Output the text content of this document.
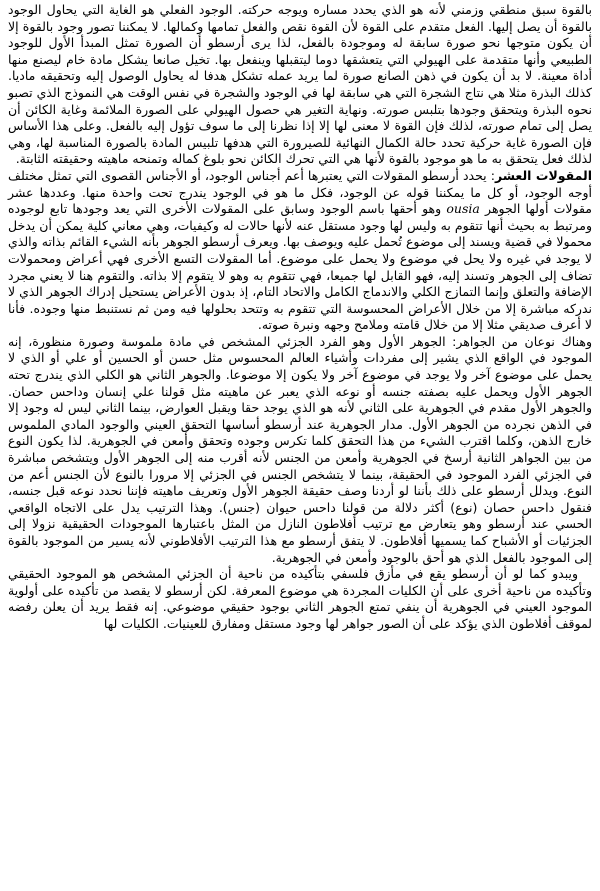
بالقوة سبق منطقي وزمني لأنه هو الذي يحدد مساره ويوجه حركته. الوجود الفعلي هو الغاية التي يحاول الوجود بالقوة أن يصل إليها. الفعل متقدم على القوة لأن القوة نقص والفعل تمامها وكمالها. لا يمكننا تصور وجود بالقوة إلا أن يكون متوجها نحو صورة سابقة له وموجودة بالفعل، لذا يرى أرسطو أن الصورة تمثل المبدأ الأول للوجود الطبيعي وأنها متقدمة على الهيولي التي يتعشقها دوما ليتقبلها وينفعل بها. تخيل صانعا يشكل مادة خام ليصنع منها أداة معينة. لا بد أن يكون في ذهن الصانع صورة لما يريد عمله تشكل هدفا له يحاول الوصول إليه وتحقيقه ماديا. كذلك البذرة مثلا هي نتاج الشجرة التي هي سابقة لها في الوجود والشجرة في نفس الوقت هي النموذج الذي تصبو نحوه البذرة ويتحقق وجودها بتلبس صورته. ونهاية التغير هي حصول الهيولي على الصورة الملائمة وغاية الكائن أن يصل إلى تمام صورته، لذلك فإن القوة لا معنى لها إلا إذا نظرنا إلى ما سوف تؤول إليه بالفعل. وعلى هذا الأساس فإن الصورة غاية حركية تحدد حالة الكمال النهائية للصيرورة التي هدفها تلبيس المادة بالصورة المناسبة لها، وهي لذلك فعل يتحقق به ما هو موجود بالقوة لأنها هي التي تحرك الكائن نحو بلوغ كماله وتمنحه ماهيته وحقيقته الثابتة.

المقولات العشر: يحدد أرسطو المقولات التي يعتبرها أعم أجناس الوجود، أو الأجناس القصوى التي تمثل مختلف أوجه الوجود، أو كل ما يمكننا قوله عن الوجود، فكل ما هو في الوجود يندرج تحت واحدة منها. وعددها عشر مقولات أولها الجوهر ousia وهو أحقها باسم الوجود وسابق على المقولات الأخرى التي يعد وجودها تابع لوجوده ومرتبط به بحيث أنها تتقوم به وليس لها وجود مستقل عنه لأنها حالات له وكيفيات، وهي معاني كلية يمكن أن يدخل محمولا في قضية ويسند إلى موضوع تُحمل عليه ويوصف بها. ويعرف أرسطو الجوهر بأنه الشيء القائم بذاته والذي لا يوجد في غيره ولا يحل في موضوع ولا يحمل على موضوع. أما المقولات التسع الأخرى فهي أعراض ومحمولات تضاف إلى الجوهر وتسند إليه، فهو القابل لها جميعا، فهي تتقوم به وهو لا يتقوم إلا بذاته. والتقوم هنا لا يعني مجرد الإضافة والتعلق وإنما التمازج الكلي والاندماج الكامل والاتحاد التام، إذ بدون الأعراض يستحيل إدراك الجوهر الذي لا ندركه مباشرة إلا من خلال الأعراض المحسوسة التي تتقوم به وتتحد بحلولها فيه ومن ثم نستنبط منها وجوده. فأنا لا أعرف صديقي مثلا إلا من خلال قامته وملامح وجهه ونبرة صوته.

وهناك نوعان من الجواهر: الجوهر الأول وهو الفرد الجزئي المشخص في مادة ملموسة وصورة منظورة، إنه الموجود في الواقع الذي يشير إلى مفردات وأشياء العالم المحسوس مثل حسن أو الحسين أو علي أو الذي لا يحمل على موضوع آخر ولا يوجد في موضوع آخر ولا يكون إلا موضوعا. والجوهر الثاني هو الكلي الذي يندرج تحته الجوهر الأول ويحمل عليه بصفته جنسه أو نوعه الذي يعبر عن ماهيته مثل قولنا علي إنسان وداحس حصان. والجوهر الأول مقدم في الجوهرية على الثاني لأنه هو الذي يوجد حقا ويقبل العوارض، بينما الثاني ليس له وجود إلا في الذهن نجرده من الجوهر الأول. مدار الجوهرية عند أرسطو أساسها التحقق العيني والوجود المادي الملموس خارج الذهن، وكلما اقترب الشيء من هذا التحقق كلما تكرس وجوده وتحقق وأمعن في الجوهرية. لذا يكون النوع من بين الجواهر الثانية أرسخ في الجوهرية وأمعن من الجنس لأنه أقرب منه إلى الجوهر الأول ويتشخص مباشرة في الجزئي الفرد الموجود في الحقيقة، بينما لا يتشخص الجنس في الجزئي إلا مرورا بالنوع لأن الجنس أعم من النوع. ويدلل أرسطو على ذلك بأننا لو أردنا وصف حقيقة الجوهر الأول وتعريف ماهيته فإننا نحدد نوعه قبل جنسه، فنقول داحس حصان (نوع) أكثر دلالة من قولنا داحس حيوان (جنس). وهذا الترتيب يدل على الاتجاه الواقعي الحسي عند أرسطو وهو يتعارض مع ترتيب أفلاطون النازل من المثل باعتبارها الموجودات الحقيقية نزولا إلى الجزئيات أو الأشباح كما يسميها أفلاطون. لا يتفق أرسطو مع هذا الترتيب الأفلاطوني لأنه يسير من الموجود بالقوة إلى الموجود بالفعل الذي هو أحق بالوجود وأمعن في الجوهرية.

ويبدو كما لو أن أرسطو يقع في مأزق فلسفي بتأكيده من ناحية أن الجزئي المشخص هو الموجود الحقيقي وتأكيده من ناحية أخرى على أن الكليات المجردة هي موضوع المعرفة. لكن أرسطو لا يقصد من تأكيده على أولوية الموجود العيني في الجوهرية أن ينفي تمتع الجوهر الثاني بوجود حقيقي موضوعي. إنه فقط يريد أن يعلن رفضه لموقف أفلاطون الذي يؤكد على أن الصور جواهر لها وجود مستقل ومفارق للعينيات. الكليات لها
